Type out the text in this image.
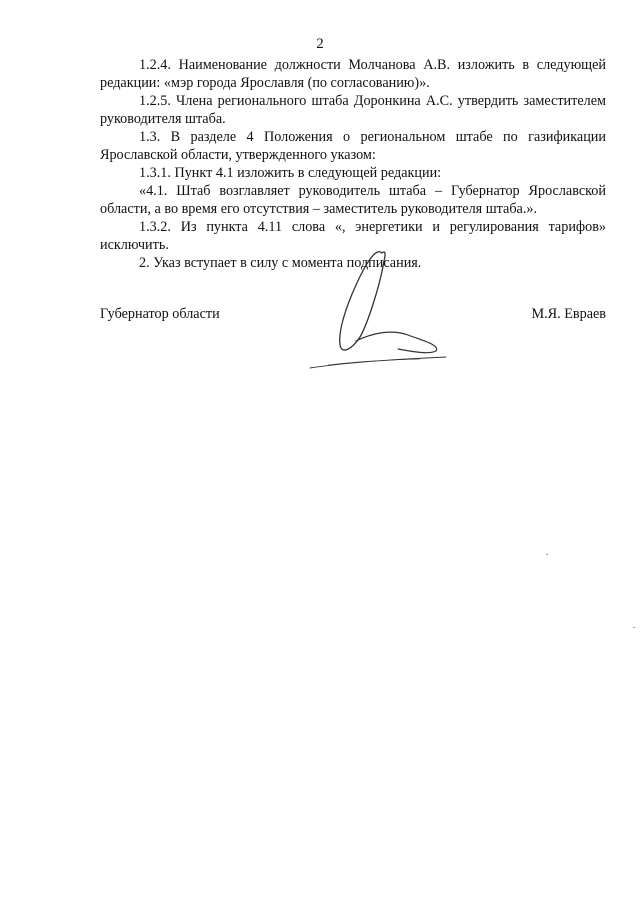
2

1.2.4. Наименование должности Молчанова А.В. изложить в следующей редакции: «мэр города Ярославля (по согласованию)».

1.2.5. Члена регионального штаба Доронкина А.С. утвердить заместителем руководителя штаба.

1.3. В разделе 4 Положения о региональном штабе по газификации Ярославской области, утвержденного указом:

1.3.1. Пункт 4.1 изложить в следующей редакции:

«4.1. Штаб возглавляет руководитель штаба – Губернатор Ярославской области, а во время его отсутствия – заместитель руководителя штаба.».

1.3.2. Из пункта 4.11 слова «, энергетики и регулирования тарифов» исключить.

2. Указ вступает в силу с момента подписания.

Губернатор области	М.Я. Евраев
